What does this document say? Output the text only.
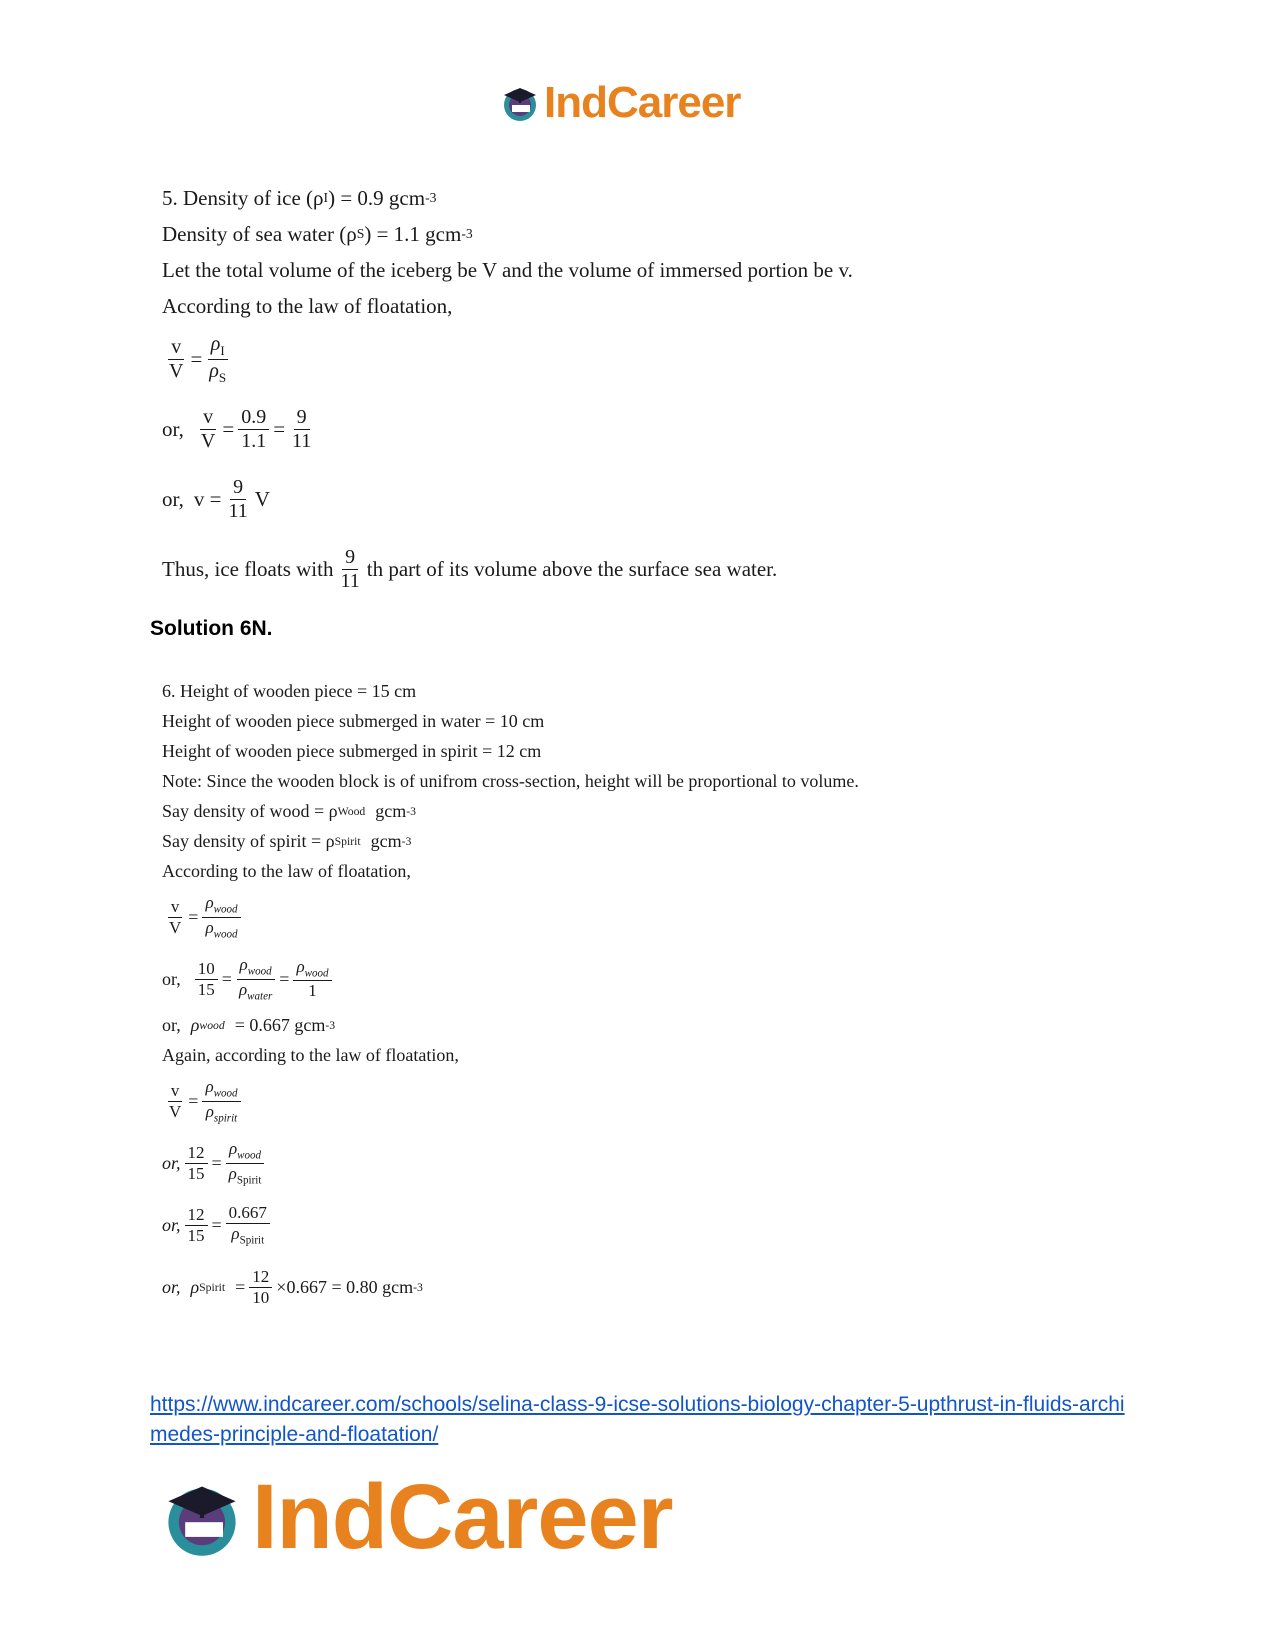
IndCareer
5. Density of ice (ρ I ) = 0.9 gcm -3
Density of sea water (ρ S ) = 1.1 gcm -3
Let the total volume of the iceberg be V and the volume of immersed portion be v.
According to the law of floatation,
$\frac{v}{V} = \frac{\rho_I}{\rho_S}$
or, $\frac{v}{V} = \frac{0.9}{1.1} = \frac{9}{11}$
or, $v = \frac{9}{11}$ V
Thus, ice floats with $\frac{9}{11}$ th part of its volume above the surface sea water.
Solution 6N.
6. Height of wooden piece = 15 cm
Height of wooden piece submerged in water = 10 cm
Height of wooden piece submerged in spirit = 12 cm
Note: Since the wooden block is of unifrom cross-section, height will be proportional to volume.
Say density of wood = ρ Wood gcm -3
Say density of spirit = ρ Spirit gcm -3
According to the law of floatation,
$\frac{v}{V} = \frac{\rho_{wood}}{\rho_{wood}}$
or, $\frac{10}{15} = \frac{\rho_{wood}}{\rho_{water}} = \frac{\rho_{wood}}{1}$
or, ρ wood = 0.667 gcm -3
Again, according to the law of floatation,
$\frac{v}{V} = \frac{\rho_{wood}}{\rho_{spirit}}$
or, $\frac{12}{15} = \frac{\rho_{wood}}{\rho_{Spirit}}$
or, $\frac{12}{15} = \frac{0.667}{\rho_{Spirit}}$
or, ρ Spirit = $\frac{12}{10} \times 0.667 = 0.80$ gcm -3
https://www.indcareer.com/schools/selina-class-9-icse-solutions-biology-chapter-5-upthrust-in-fluids-archimedes-principle-and-floatation/
IndCareer
